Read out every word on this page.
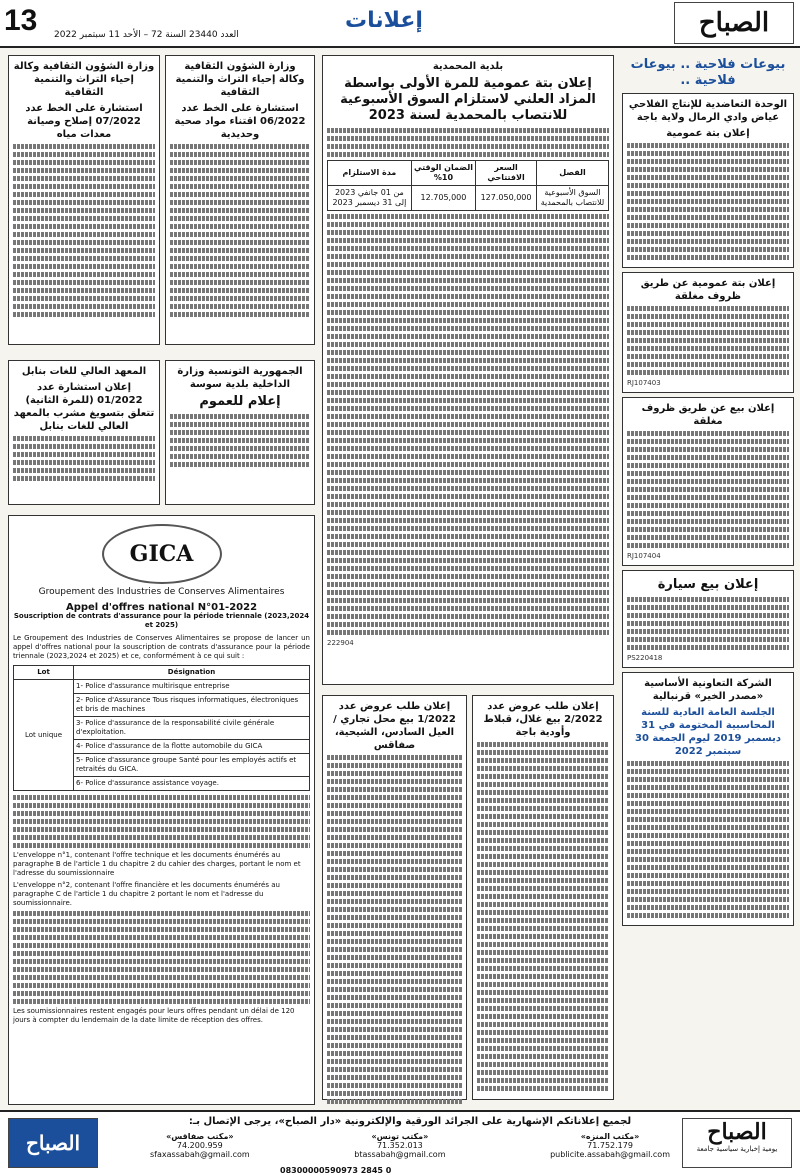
13 العدد 23440 السنة 72 – الأحد 11 سبتمبر 2022
إعلانات	الصباح
بيوعات فلاحية .. بيوعات فلاحية ..
الوحدة التعاضدية للإنتاج الفلاحي عياض وادي الرمال ولاية باجة
إعلان بتة عمومية
إعلان بتة عمومية عن طريق ظروف مغلقة
RJ107403
إعلان بيع عن طريق ظروف مغلقة
RJ107404
إعلان بيع سيارة
PS220418
الشركة التعاونية الأساسية «مصدر الخير» قرنبالية
الجلسة العامة العادية للسنة المحاسبية المختومة في 31 ديسمبر 2019 ليوم الجمعة 30 سبتمبر 2022
بلدية المحمدية
إعلان بتة عمومية للمرة الأولى بواسطة المزاد العلني لاستلزام السوق الأسبوعية للانتصاب بالمحمدية لسنة 2023
الفصل	السعر الافتتاحي	الضمان الوقتي 10%	مدة الاستلزام
السوق الأسبوعية للانتصاب بالمحمدية	127.050,000	12.705,000	من 01 جانفي 2023 إلى 31 ديسمبر 2023
222904
وزارة الشؤون الثقافية وكالة إحياء التراث والتنمية الثقافية
استشارة على الخط عدد 06/2022 اقتناء مواد صحية وحديدية
وزارة الشؤون الثقافية وكالة إحياء التراث والتنمية الثقافية
استشارة على الخط عدد 07/2022 إصلاح وصيانة معدات مياه
الجمهورية التونسية وزارة الداخلية بلدية سوسة
إعلام للعموم
المعهد العالي للغات بنابل
إعلان استشارة عدد 01/2022 (للمرة الثانية) تتعلق بتسويغ مشرب بالمعهد العالي للغات بنابل
GICA
Groupement des Industries de Conserves Alimentaires
Appel d'offres national N°01-2022
Souscription de contrats d'assurance pour la période triennale (2023,2024 et 2025)
Le Groupement des Industries de Conserves Alimentaires se propose de lancer un appel d'offres national pour la souscription de contrats d'assurance pour la période triennale (2023,2024 et 2025) et ce, conformément à ce qui suit :
Lot	Désignation
Lot unique	1- Police d'assurance multirisque entreprise
	2- Police d'Assurance Tous risques informatiques, électroniques et bris de machines
	3- Police d'assurance de la responsabilité civile générale d'exploitation.
	4- Police d'assurance de la flotte automobile du GICA
	5- Police d'assurance groupe Santé pour les employés actifs et retraités du GICA.
	6- Police d'assurance assistance voyage.
L'enveloppe n°1, contenant l'offre technique et les documents énumérés au paragraphe B de l'article 1 du chapitre 2 du cahier des charges, portant le nom et l'adresse du soumissionnaire
L'enveloppe n°2, contenant l'offre financière et les documents énumérés au paragraphe C de l'article 1 du chapitre 2 portant le nom et l'adresse du soumissionnaire.
Les soumissionnaires restent engagés pour leurs offres pendant un délai de 120 jours à compter du lendemain de la date limite de réception des offres.
إعلان طلب عروض عدد 2/2022 بيع غلال، قبلاط وأودية باجة
إعلان طلب عروض عدد 1/2022 بيع محل تجاري / العيل السادس، الشيحية، صفاقس
لجميع إعلاناتكم الإشهارية على الجرائد الورقية والإلكترونية «دار الصباح»، يرجى الإتصال بـ:
«مكتب المنزه»
71.752.179
publicite.assabah@gmail.com
«مكتب تونس»
71.352.013
btassabah@gmail.com
«مكتب صفاقس»
74.200.959
sfaxassabah@gmail.com
08300000590973 2845 0
الصباح
يومية إخبارية سياسية جامعة
الصباح
